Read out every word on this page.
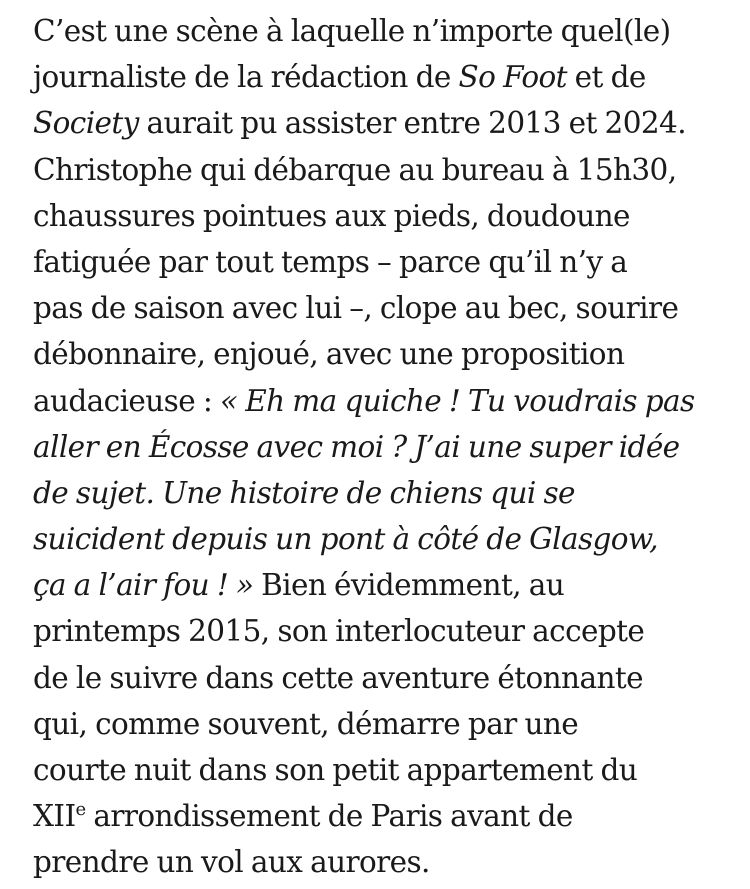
C’est une scène à laquelle n’importe quel(le)
journaliste de la rédaction de So Foot et de
Society aurait pu assister entre 2013 et 2024.
Christophe qui débarque au bureau à 15h30,
chaussures pointues aux pieds, doudoune
fatiguée par tout temps – parce qu’il n’y a
pas de saison avec lui –, clope au bec, sourire
débonnaire, enjoué, avec une proposition
audacieuse : « Eh ma quiche ! Tu voudrais pas
aller en Écosse avec moi ? J’ai une super idée
de sujet. Une histoire de chiens qui se
suicident depuis un pont à côté de Glasgow,
ça a l’air fou ! » Bien évidemment, au
printemps 2015, son interlocuteur accepte
de le suivre dans cette aventure étonnante
qui, comme souvent, démarre par une
courte nuit dans son petit appartement du
XIIe arrondissement de Paris avant de
prendre un vol aux aurores.
